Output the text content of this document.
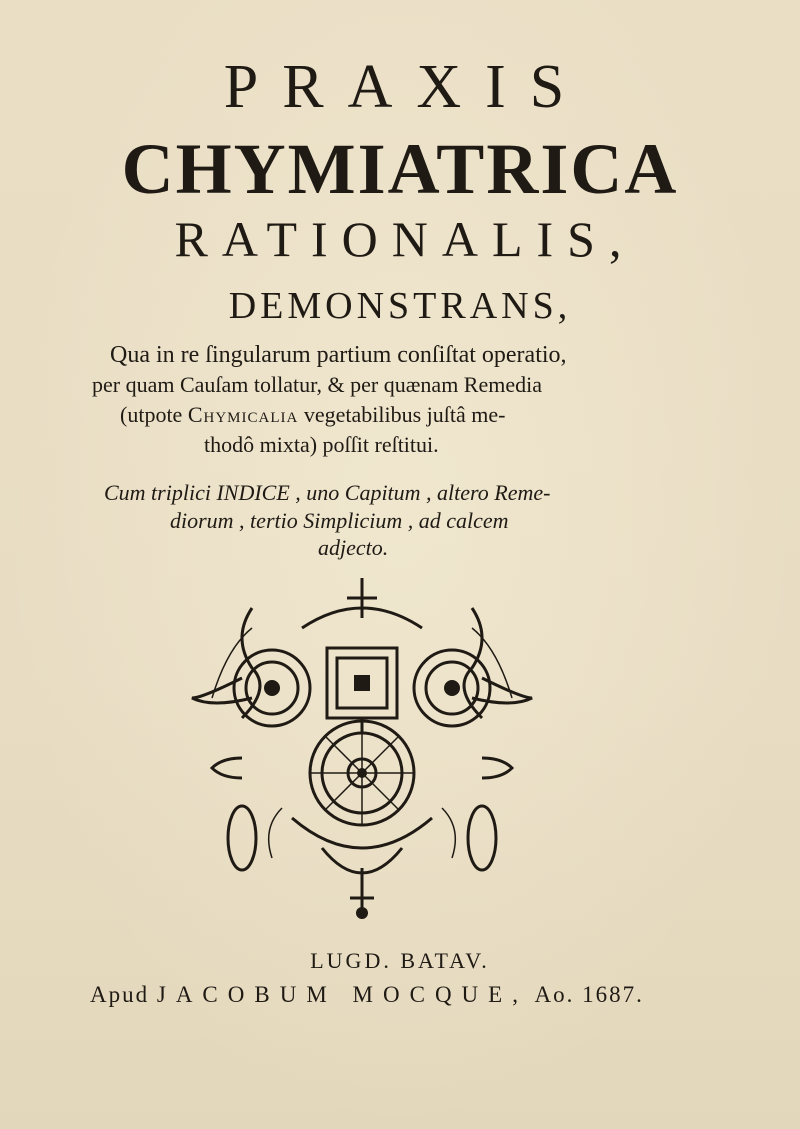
PRAXIS
CHYMIATRICA
RATIONALIS,
DEMONSTRANS,
Qua in re ſingularum partium conſiſtat operatio,
per quam Cauſam tollatur, & per quænam Remedia
(utpote Chymicalia vegetabilibus juſtâ me-
thodô mixta) poſſit reſtitui.
Cum triplici INDICE , uno Capitum , altero Reme-
diorum , tertio Simplicium , ad calcem
adjecto.
LUGD. BATAV.
Apud JACOBUM MOCQUE, Ao. 1687.
